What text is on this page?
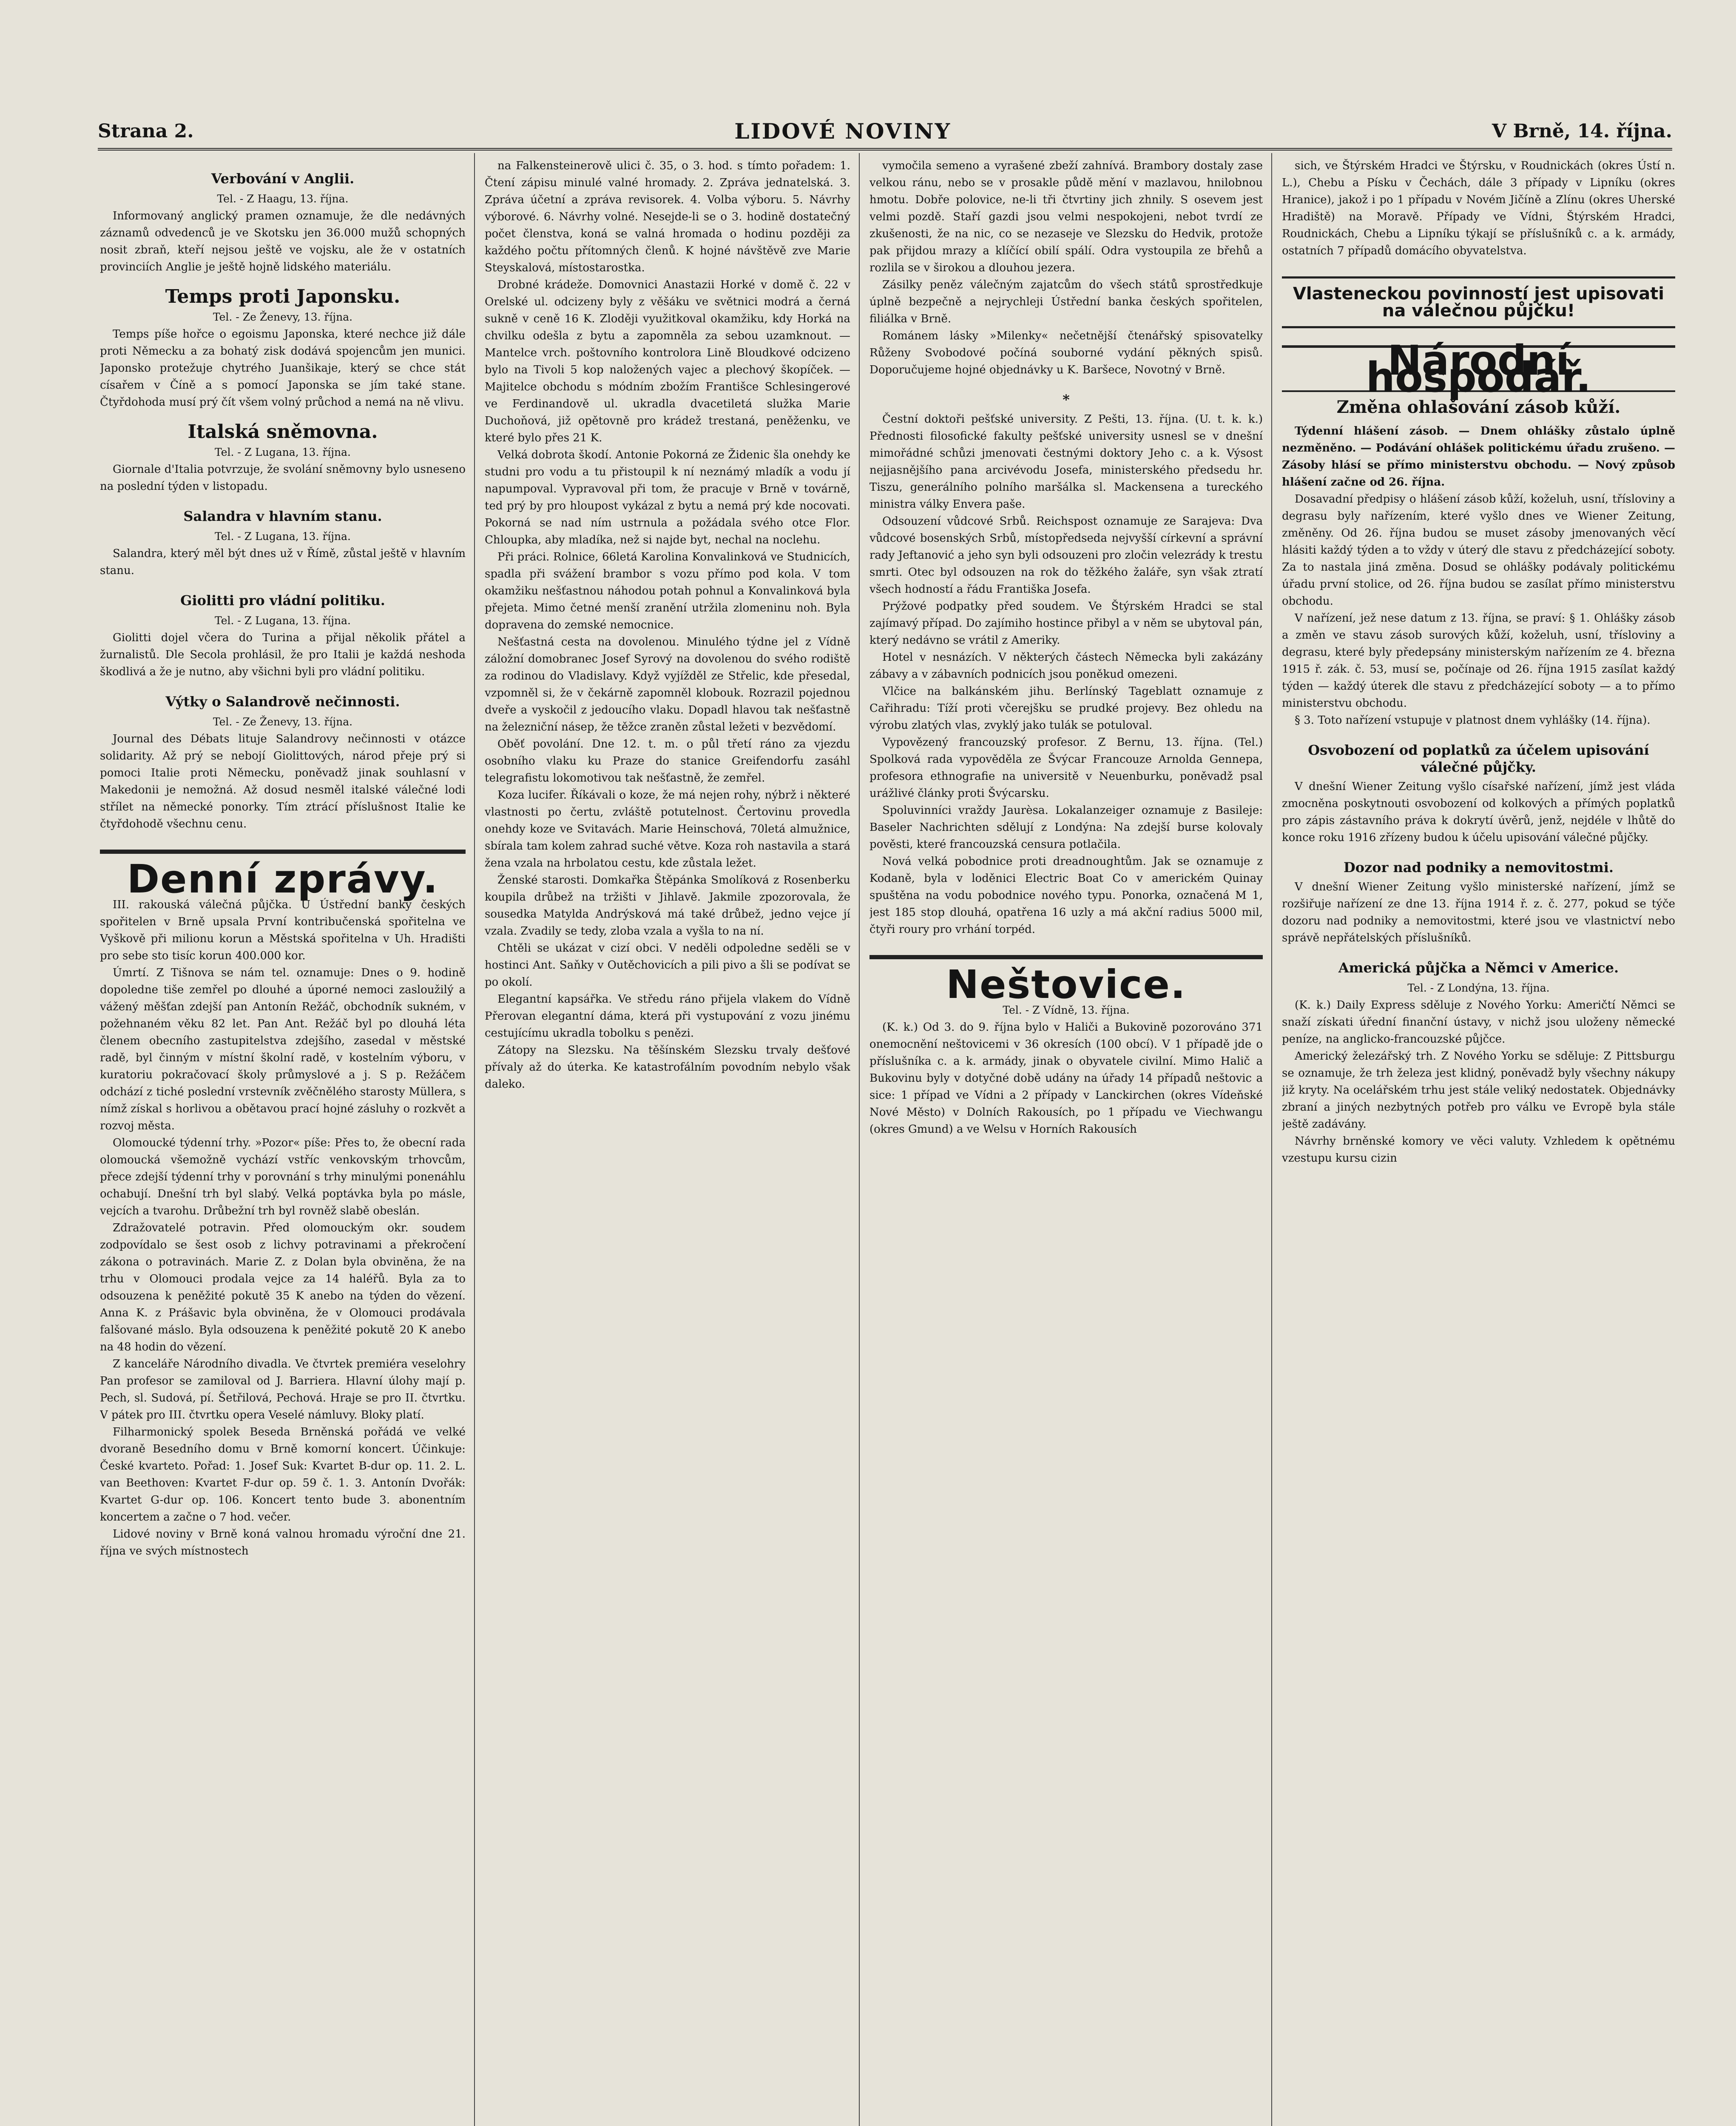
Strana 2.	LIDOVÉ NOVINY	V Brně, 14. října.

Verbování v Anglii.

Tel. - Z Haagu, 13. října.

Informovaný anglický pramen oznamuje, že dle nedávných záznamů odvedenců je ve Skotsku jen 36.000 mužů schopných nosit zbraň, kteří nejsou ještě ve vojsku, ale že v ostatních provinciích Anglie je ještě hojně lidského materiálu.

Temps proti Japonsku.

Tel. - Ze Ženevy, 13. října.

Temps píše hořce o egoismu Japonska, které nechce již dále proti Německu a za bohatý zisk dodává spojencům jen munici. Japonsko protežuje chytrého Juanšikaje, který se chce stát císařem v Číně a s pomocí Japonska se jím také stane. Čtyřdohoda musí prý čít všem volný průchod a nemá na ně vlivu.

Italská sněmovna.

Tel. - Z Lugana, 13. října.

Giornale d'Italia potvrzuje, že svolání sněmovny bylo usneseno na poslední týden v listopadu.

Salandra v hlavním stanu.

Tel. - Z Lugana, 13. října.

Salandra, který měl být dnes už v Římě, zůstal ještě v hlavním stanu.

Giolitti pro vládní politiku.

Tel. - Z Lugana, 13. října.

Giolitti dojel včera do Turina a přijal několik přátel a žurnalistů. Dle Secola prohlásil, že pro Italii je každá neshoda škodlivá a že je nutno, aby všichni byli pro vládní politiku.

Výtky o Salandrově nečinnosti.

Tel. - Ze Ženevy, 13. října.

Journal des Débats lituje Salandrovy nečinnosti v otázce solidarity. Až prý se nebojí Giolittových, národ přeje prý si pomoci Italie proti Německu, poněvadž jinak souhlasní v Makedonii je nemožná. Až dosud nesměl italské válečné lodi střílet na německé ponorky. Tím ztrácí příslušnost Italie ke čtyřdohodě všechnu cenu.

Denní zprávy.

III. rakouská válečná půjčka. U Ústřední banky českých spořitelen v Brně upsala První kontribučenská spořitelna ve Vyškově při milionu korun a Městská spořitelna v Uh. Hradišti pro sebe sto tisíc korun 400.000 kor.

Úmrtí. Z Tišnova se nám tel. oznamuje: Dnes o 9. hodině dopoledne tiše zemřel po dlouhé a úporné nemoci zasloužilý a vážený měšťan zdejší pan Antonín Režáč, obchodník sukném, v požehnaném věku 82 let. Pan Ant. Režáč byl po dlouhá léta členem obecního zastupitelstva zdejšího, zasedal v městské radě, byl činným v místní školní radě, v kostelním výboru, v kuratoriu pokračovací školy průmyslové a j. S p. Režáčem odchází z tiché poslední vrstevník zvěčnělého starosty Müllera, s nímž získal s horlivou a obětavou prací hojné zásluhy o rozkvět a rozvoj města.

Olomoucké týdenní trhy. »Pozor« píše: Přes to, že obecní rada olomoucká všemožně vychází vstříc venkovským trhovcům, přece zdejší týdenní trhy v porovnání s trhy minulými ponenáhlu ochabují. Dnešní trh byl slabý. Velká poptávka byla po másle, vejcích a tvarohu. Drůbežní trh byl rovněž slabě obeslán.

Zdražovatelé potravin. Před olomouckým okr. soudem zodpovídalo se šest osob z lichvy potravinami a překročení zákona o potravinách. Marie Z. z Dolan byla obviněna, že na trhu v Olomouci prodala vejce za 14 haléřů. Byla za to odsouzena k peněžité pokutě 35 K anebo na týden do vězení. Anna K. z Prášavic byla obviněna, že v Olomouci prodávala falšované máslo. Byla odsouzena k peněžité pokutě 20 K anebo na 48 hodin do vězení.

Z kanceláře Národního divadla. Ve čtvrtek premiéra veselohry Pan profesor se zamiloval od J. Barriera. Hlavní úlohy mají p. Pech, sl. Sudová, pí. Šetřilová, Pechová. Hraje se pro II. čtvrtku. V pátek pro III. čtvrtku opera Veselé námluvy. Bloky platí.

Filharmonický spolek Beseda Brněnská pořádá ve velké dvoraně Besedního domu v Brně komorní koncert. Účinkuje: České kvarteto. Pořad: 1. Josef Suk: Kvartet B-dur op. 11. 2. L. van Beethoven: Kvartet F-dur op. 59 č. 1. 3. Antonín Dvořák: Kvartet G-dur op. 106. Koncert tento bude 3. abonentním koncertem a začne o 7 hod. večer.

Lidové noviny v Brně koná valnou hromadu výroční dne 21. října ve svých místnostech

na Falkensteinerově ulici č. 35, o 3. hod. s tímto pořadem: 1. Čtení zápisu minulé valné hromady. 2. Zpráva jednatelská. 3. Zpráva účetní a zpráva revisorek. 4. Volba výboru. 5. Návrhy výborové. 6. Návrhy volné. Nesejde-li se o 3. hodině dostatečný počet členstva, koná se valná hromada o hodinu později za každého počtu přítomných členů. K hojné návštěvě zve Marie Steyskalová, místostarostka.

Drobné krádeže. Domovnici Anastazii Horké v domě č. 22 v Orelské ul. odcizeny byly z věšáku ve světnici modrá a černá sukně v ceně 16 K. Zloději využitkoval okamžiku, kdy Horká na chvilku odešla z bytu a zapomněla za sebou uzamknout. — Mantelce vrch. poštovního kontrolora Lině Bloudkové odcizeno bylo na Tivoli 5 kop naložených vajec a plechový škopíček. — Majitelce obchodu s módním zbožím Františce Schlesingerové ve Ferdinandově ul. ukradla dvacetiletá služka Marie Duchoňová, již opětovně pro krádež trestaná, peněženku, ve které bylo přes 21 K.

Velká dobrota škodí. Antonie Pokorná ze Židenic šla onehdy ke studni pro vodu a tu přistoupil k ní neznámý mladík a vodu jí napumpoval. Vypravoval při tom, že pracuje v Brně v továrně, ted prý by pro hloupost vykázal z bytu a nemá prý kde nocovati. Pokorná se nad ním ustrnula a požádala svého otce Flor. Chloupka, aby mladíka, než si najde byt, nechal na noclehu.

Při práci. Rolnice, 66letá Karolina Konvalinková ve Studnicích, spadla při svážení brambor s vozu přímo pod kola. V tom okamžiku nešťastnou náhodou potah pohnul a Konvalinková byla přejeta. Mimo četné menší zranění utržila zlomeninu noh. Byla dopravena do zemské nemocnice.

Nešťastná cesta na dovolenou. Minulého týdne jel z Vídně záložní domobranec Josef Syrový na dovolenou do svého rodiště za rodinou do Vladislavy. Když vyjížděl ze Střelic, kde přesedal, vzpomněl si, že v čekárně zapomněl klobouk. Rozrazil pojednou dveře a vyskočil z jedoucího vlaku. Dopadl hlavou tak nešťastně na železniční násep, že těžce zraněn zůstal ležeti v bezvědomí.

Oběť povolání. Dne 12. t. m. o půl třetí ráno za vjezdu osobního vlaku ku Praze do stanice Greifendorfu zasáhl telegrafistu lokomotivou tak nešťastně, že zemřel.

Koza lucifer. Říkávali o koze, že má nejen rohy, nýbrž i některé vlastnosti po čertu, zvláště potutelnost. Čertovinu provedla onehdy koze ve Svitavách. Marie Heinschová, 70letá almužnice, sbírala tam kolem zahrad suché větve. Koza roh nastavila a stará žena vzala na hrbolatou cestu, kde zůstala ležet.

Ženské starosti. Domkařka Štěpánka Smolíková z Rosenberku koupila drůbež na tržišti v Jihlavě. Jakmile zpozorovala, že sousedka Matylda Andrýsková má také drůbež, jedno vejce jí vzala. Zvadily se tedy, zloba vzala a vyšla to na ní.

Chtěli se ukázat v cizí obci. V neděli odpoledne seděli se v hostinci Ant. Saňky v Outěchovicích a pili pivo a šli se podívat se po okolí.

Elegantní kapsářka. Ve středu ráno přijela vlakem do Vídně Přerovan elegantní dáma, která při vystupování z vozu jinému cestujícímu ukradla tobolku s penězi.

Zátopy na Slezsku. Na těšínském Slezsku trvaly dešťové přívaly až do úterka. Ke katastrofálním povodním nebylo však daleko.

vymočila semeno a vyrašené zbeží zahnívá. Brambory dostaly zase velkou ránu, nebo se v prosakle půdě mění v mazlavou, hnilobnou hmotu. Dobře polovice, ne-li tři čtvrtiny jich zhnily. S osevem jest velmi pozdě. Staří gazdi jsou velmi nespokojeni, nebot tvrdí ze zkušenosti, že na nic, co se nezaseje ve Slezsku do Hedvik, protože pak přijdou mrazy a klíčící obilí spálí. Odra vystoupila ze břehů a rozlila se v širokou a dlouhou jezera.

Zásilky peněz válečným zajatcům do všech států sprostředkuje úplně bezpečně a nejrychleji Ústřední banka českých spořitelen, filiálka v Brně.

Románem lásky »Milenky« nečetnější čtenářský spisovatelky Růženy Svobodové počíná souborné vydání pěkných spisů. Doporučujeme hojné objednávky u K. Baršece, Novotný v Brně.

*

Čestní doktoři pešťské university. Z Pešti, 13. října. (U. t. k. k.) Přednosti filosofické fakulty pešťské university usnesl se v dnešní mimořádné schůzi jmenovati čestnými doktory Jeho c. a k. Výsost nejjasnějšího pana arcivévodu Josefa, ministerského předsedu hr. Tiszu, generálního polního maršálka sl. Mackensena a tureckého ministra války Envera paše.

Odsouzení vůdcové Srbů. Reichspost oznamuje ze Sarajeva: Dva vůdcové bosenských Srbů, místopředseda nejvyšší církevní a správní rady Jeftanović a jeho syn byli odsouzeni pro zločin velezrády k trestu smrti. Otec byl odsouzen na rok do těžkého žaláře, syn však ztratí všech hodností a řádu Františka Josefa.

Prýžové podpatky před soudem. Ve Štýrském Hradci se stal zajímavý případ. Do zajímiho hostince přibyl a v něm se ubytoval pán, který nedávno se vrátil z Ameriky.

Hotel v nesnázích. V některých částech Německa byli zakázány zábavy a v zábavních podnicích jsou poněkud omezeni.

Vlčice na balkánském jihu. Berlínský Tageblatt oznamuje z Cařihradu: Tíží proti včerejšku se prudké projevy. Bez ohledu na výrobu zlatých vlas, zvyklý jako tulák se potuloval.

Vypovězený francouzský profesor. Z Bernu, 13. října. (Tel.) Spolková rada vypověděla ze Švýcar Francouze Arnolda Gennepa, profesora ethnografie na universitě v Neuenburku, poněvadž psal urážlivé články proti Švýcarsku.

Spoluvinníci vraždy Jaurèsa. Lokalanzeiger oznamuje z Basileje: Baseler Nachrichten sdělují z Londýna: Na zdejší burse kolovaly pověsti, které francouzská censura potlačila.

Nová velká pobodnice proti dreadnoughtům. Jak se oznamuje z Kodaně, byla v loděnici Electric Boat Co v americkém Quinay spuštěna na vodu pobodnice nového typu. Ponorka, označená M 1, jest 185 stop dlouhá, opatřena 16 uzly a má akční radius 5000 mil, čtyři roury pro vrhání torpéd.

Neštovice.

Tel. - Z Vídně, 13. října.

(K. k.) Od 3. do 9. října bylo v Haliči a Bukovině pozorováno 371 onemocnění neštovicemi v 36 okresích (100 obcí). V 1 případě jde o příslušníka c. a k. armády, jinak o obyvatele civilní. Mimo Halič a Bukovinu byly v dotyčné době udány na úřady 14 případů neštovic a sice: 1 případ ve Vídni a 2 případy v Lanckirchen (okres Vídeňské Nové Město) v Dolních Rakousích, po 1 případu ve Viechwangu (okres Gmund) a ve Welsu v Horních Rakousích

sich, ve Štýrském Hradci ve Štýrsku, v Roudnickách (okres Ústí n. L.), Chebu a Písku v Čechách, dále 3 případy v Lipníku (okres Hranice), jakož i po 1 případu v Novém Jičíně a Zlínu (okres Uherské Hradiště) na Moravě. Případy ve Vídni, Štýrském Hradci, Roudnickách, Chebu a Lipníku týkají se příslušníků c. a k. armády, ostatních 7 případů domácího obyvatelstva.

Vlasteneckou povinností jest upisovati na válečnou půjčku!
Národní hospodář.
Změna ohlašování zásob kůží.

Týdenní hlášení zásob. — Dnem ohlášky zůstalo úplně nezměněno. — Podávání ohlášek politickému úřadu zrušeno. — Zásoby hlásí se přímo ministerstvu obchodu. — Nový způsob hlášení začne od 26. října.

Dosavadní předpisy o hlášení zásob kůží, koželuh, usní, třísloviny a degrasu byly nařízením, které vyšlo dnes ve Wiener Zeitung, změněny. Od 26. října budou se muset zásoby jmenovaných věcí hlásiti každý týden a to vždy v úterý dle stavu z předcházející soboty. Za to nastala jiná změna. Dosud se ohlášky podávaly politickému úřadu první stolice, od 26. října budou se zasílat přímo ministerstvu obchodu.

V nařízení, jež nese datum z 13. října, se praví: § 1. Ohlášky zásob a změn ve stavu zásob surových kůží, koželuh, usní, třísloviny a degrasu, které byly předepsány ministerským nařízením ze 4. března 1915 ř. zák. č. 53, musí se, počínaje od 26. října 1915 zasílat každý týden — každý úterek dle stavu z předcházející soboty — a to přímo ministerstvu obchodu.

§ 3. Toto nařízení vstupuje v platnost dnem vyhlášky (14. října).

Osvobození od poplatků za účelem upisování válečné půjčky.

V dnešní Wiener Zeitung vyšlo císařské nařízení, jímž jest vláda zmocněna poskytnouti osvobození od kolkových a přímých poplatků pro zápis zástavního práva k dokrytí úvěrů, jenž, nejdéle v lhůtě do konce roku 1916 zřízeny budou k účelu upisování válečné půjčky.

Dozor nad podniky a nemovitostmi.

V dnešní Wiener Zeitung vyšlo ministerské nařízení, jímž se rozšiřuje nařízení ze dne 13. října 1914 ř. z. č. 277, pokud se týče dozoru nad podniky a nemovitostmi, které jsou ve vlastnictví nebo správě nepřátelských příslušníků.

Americká půjčka a Němci v Americe.

Tel. - Z Londýna, 13. října.

(K. k.) Daily Express sděluje z Nového Yorku: Američtí Němci se snaží získati úřední finanční ústavy, v nichž jsou uloženy německé peníze, na anglicko-francouzské půjčce.

Americký železářský trh. Z Nového Yorku se sděluje: Z Pittsburgu se oznamuje, že trh železa jest klidný, poněvadž byly všechny nákupy již kryty. Na ocelářském trhu jest stále veliký nedostatek. Objednávky zbraní a jiných nezbytných potřeb pro válku ve Evropě byla stále ještě zadávány.

Návrhy brněnské komory ve věci valuty. Vzhledem k opětnému vzestupu kursu cizin
